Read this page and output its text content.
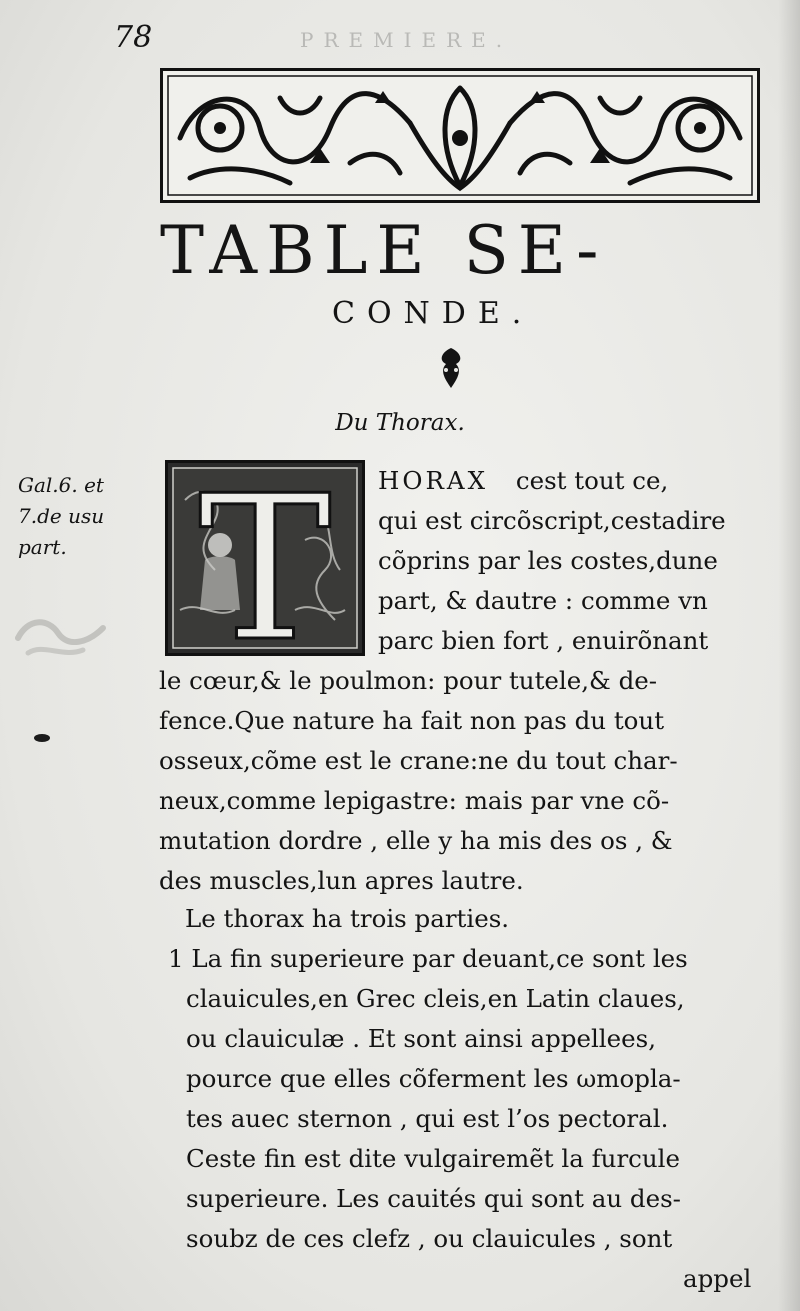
78	PREMIERE.
TABLE SE-
CONDE.
Du Thorax.
Gal.6. et
7.de usu
part. T HORAX cest tout ce,
qui est circõscript,cestadire
cõprins par les costes,dune
part, & dautre : comme vn
parc bien fort , enuirõnant
le cœur,& le poulmon: pour tutele,& de-
fence.Que nature ha fait non pas du tout
osseux,cõme est le crane:ne du tout char-
neux,comme lepigastre: mais par vne cõ-
mutation dordre , elle y ha mis des os , &
des muscles,lun apres lautre.
Le thorax ha trois parties.
1 La fin superieure par deuant,ce sont les
clauicules,en Grec cleis,en Latin claues,
ou clauiculæ . Et sont ainsi appellees,
pource que elles cõferment les ωmopla-
tes auec sternon , qui est l’os pectoral.
Ceste fin est dite vulgairemẽt la furcule
superieure. Les cauités qui sont au des-
soubz de ces clefz , ou clauicules , sont
appel
